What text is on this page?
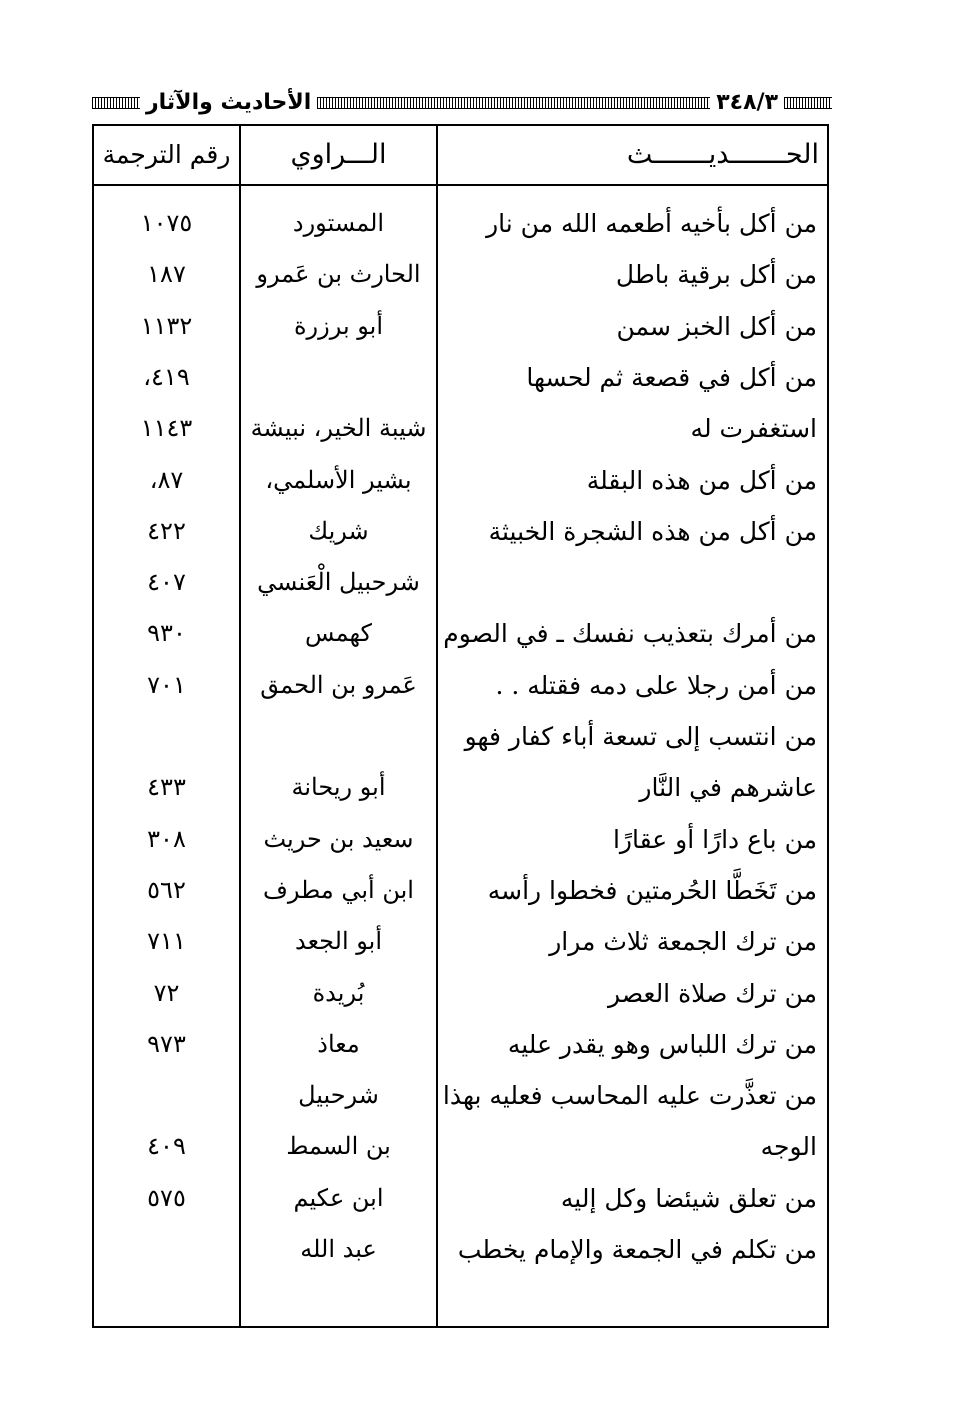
٣٤٨/٣
الأحاديث والآثار
الحـــــــديـــــــث
الـــراوي
رقم الترجمة
من أكل بأخيه أطعمه الله من نار
المستورد
١٠٧٥
من أكل برقية باطل
الحارث بن عَمرو
١٨٧
من أكل الخبز سمن
أبو برزرة
١١٣٢
من أكل في قصعة ثم لحسها
٤١٩،
استغفرت له
شيبة الخير، نبيشة
١١٤٣
من أكل من هذه البقلة
بشير الأسلمي،
٨٧،
من أكل من هذه الشجرة الخبيثة
شريك
٤٢٢
شرحبيل الْعَنسي
٤٠٧
من أمرك بتعذيب نفسك ـ في الصوم
كهمس
٩٣٠
من أمن رجلا على دمه فقتله . .
عَمرو بن الحمق
٧٠١
من انتسب إلى تسعة أباء كفار فهو
عاشرهم في النَّار
أبو ريحانة
٤٣٣
من باع دارًا أو عقارًا
سعيد بن حريث
٣٠٨
من تَخَطَّا الحُرمتين فخطوا رأسه
ابن أبي مطرف
٥٦٢
من ترك الجمعة ثلاث مرار
أبو الجعد
٧١١
من ترك صلاة العصر
بُريدة
٧٢
من ترك اللباس وهو يقدر عليه
معاذ
٩٧٣
من تعذَّرت عليه المحاسب فعليه بهذا
شرحبيل
الوجه
بن السمط
٤٠٩
من تعلق شيئضا وكل إليه
ابن عكيم
٥٧٥
من تكلم في الجمعة والإمام يخطب
عبد الله
